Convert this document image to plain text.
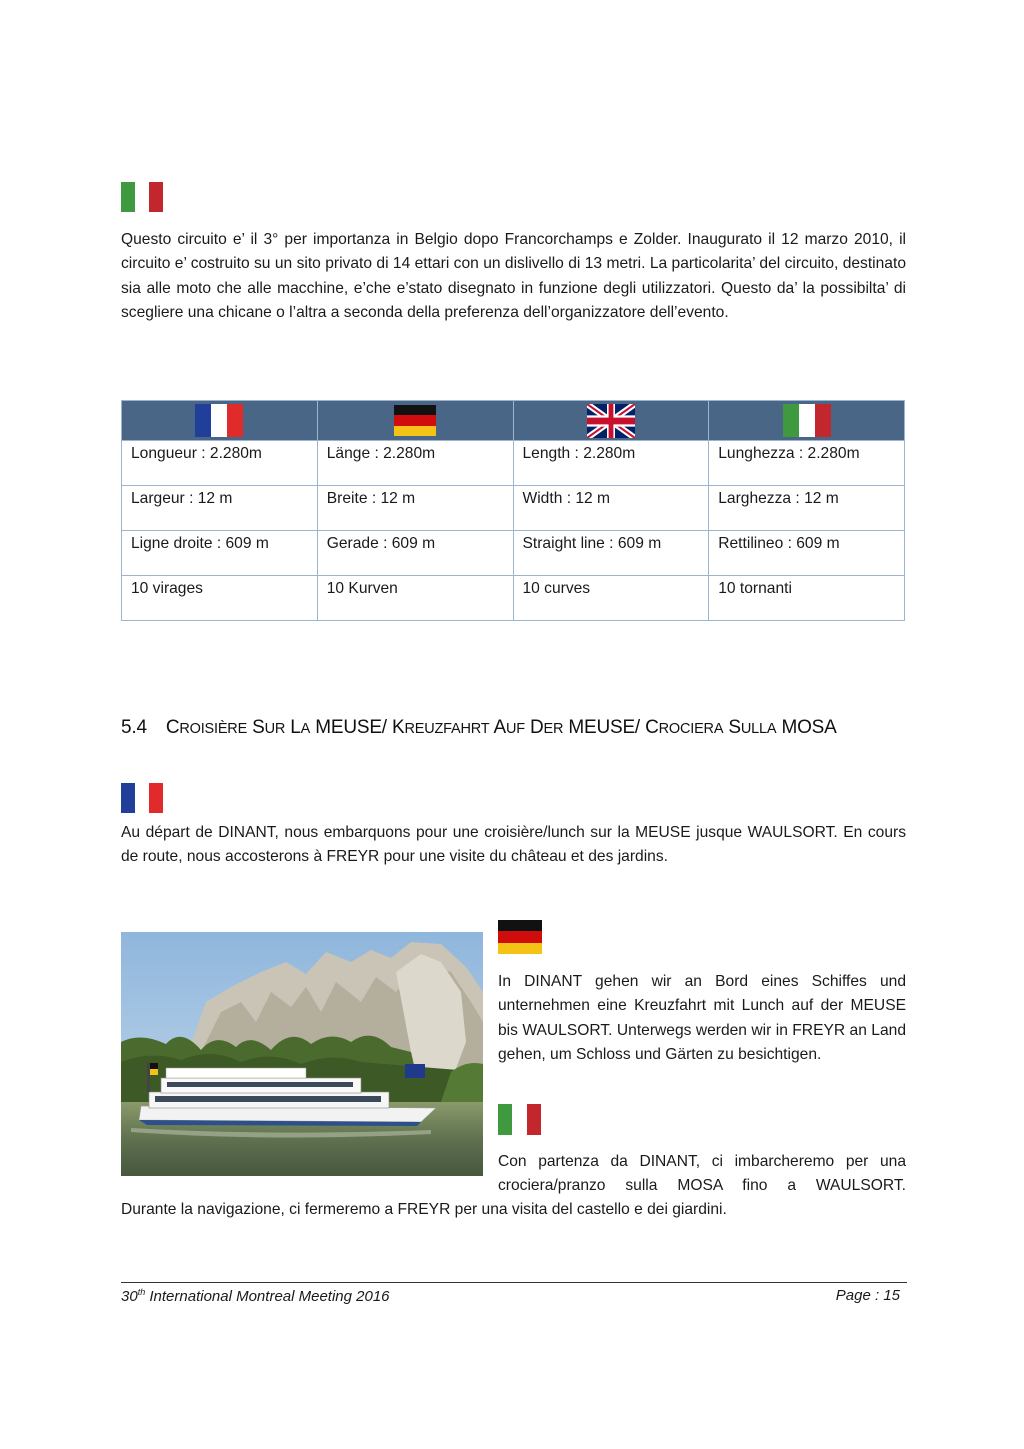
Questo circuito e’ il 3° per importanza in Belgio dopo Francorchamps e Zolder. Inaugurato il 12 marzo 2010, il circuito e’ costruito su un sito privato di 14 ettari con un dislivello di 13 metri. La particolarita’ del circuito, destinato sia alle moto che alle macchine, e’che e’stato disegnato in funzione degli utilizzatori. Questo da’ la possibilta’ di scegliere una chicane o l’altra a seconda della preferenza dell’organizzatore dell’evento.

Longueur : 2.280m	Länge : 2.280m	Length : 2.280m	Lunghezza : 2.280m
Largeur : 12 m	Breite : 12 m	Width : 12 m	Larghezza : 12 m
Ligne droite : 609 m	Gerade : 609 m	Straight line : 609 m	Rettilineo : 609 m
10 virages	10 Kurven	10 curves	10 tornanti
5.4 CROISIÈRE SUR LA MEUSE/ KREUZFAHRT AUF DER MEUSE/ CROCIERA SULLA MOSA

Au départ de DINANT, nous embarquons pour une croisière/lunch sur la MEUSE jusque WAULSORT. En cours de route, nous accosterons à FREYR pour une visite du château et des jardins.

In DINANT gehen wir an Bord eines Schiffes und unternehmen eine Kreuzfahrt mit Lunch auf der MEUSE bis WAULSORT. Unterwegs werden wir in FREYR an Land gehen, um Schloss und Gärten zu besichtigen.

Con partenza da DINANT, ci imbarcheremo per una
crociera/pranzo sulla MOSA fino a WAULSORT.
Durante la navigazione, ci fermeremo a FREYR per una visita del castello e dei giardini.
30th International Montreal Meeting 2016	Page : 15
